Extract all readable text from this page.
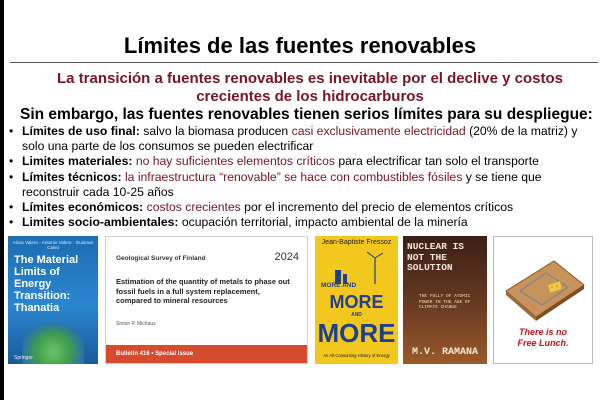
Límites de las fuentes renovables
La transición a fuentes renovables es inevitable por el declive y costos crecientes de los hidrocarburos
Sin embargo, las fuentes renovables tienen serios límites para su despliegue:
• Límites de uso final: salvo la biomasa producen casi exclusivamente electricidad (20% de la matriz) y solo una parte de los consumos se pueden electrificar
• Limites materiales: no hay suficientes elementos críticos para electrificar tan solo el transporte
• Límites técnicos: la infraestructura “renovable” se hace con combustibles fósiles y se tiene que reconstruir cada 10-25 años
• Límites económicos: costos crecientes por el incremento del precio de elementos críticos
• Limites socio-ambientales: ocupación territorial, impacto ambiental de la minería
Alicia Valero · Antonio Valero · Guiomar Calvo
The Material Limits of Energy Transition: Thanatia
Springer
Geological Survey of Finland	2024
Estimation of the quantity of metals to phase out fossil fuels in a full system replacement, compared to mineral resources
Simon P. Michaux
Bulletin 416 • Special Issue
Jean-Baptiste Fressoz
MORE AND
MORE
AND
MORE
An All-Consuming History of Energy
NUCLEAR IS NOT THE SOLUTION
THE FOLLY OF ATOMIC POWER IN THE AGE OF CLIMATE CHANGE
M.V. RAMANA
There is no
Free Lunch.
